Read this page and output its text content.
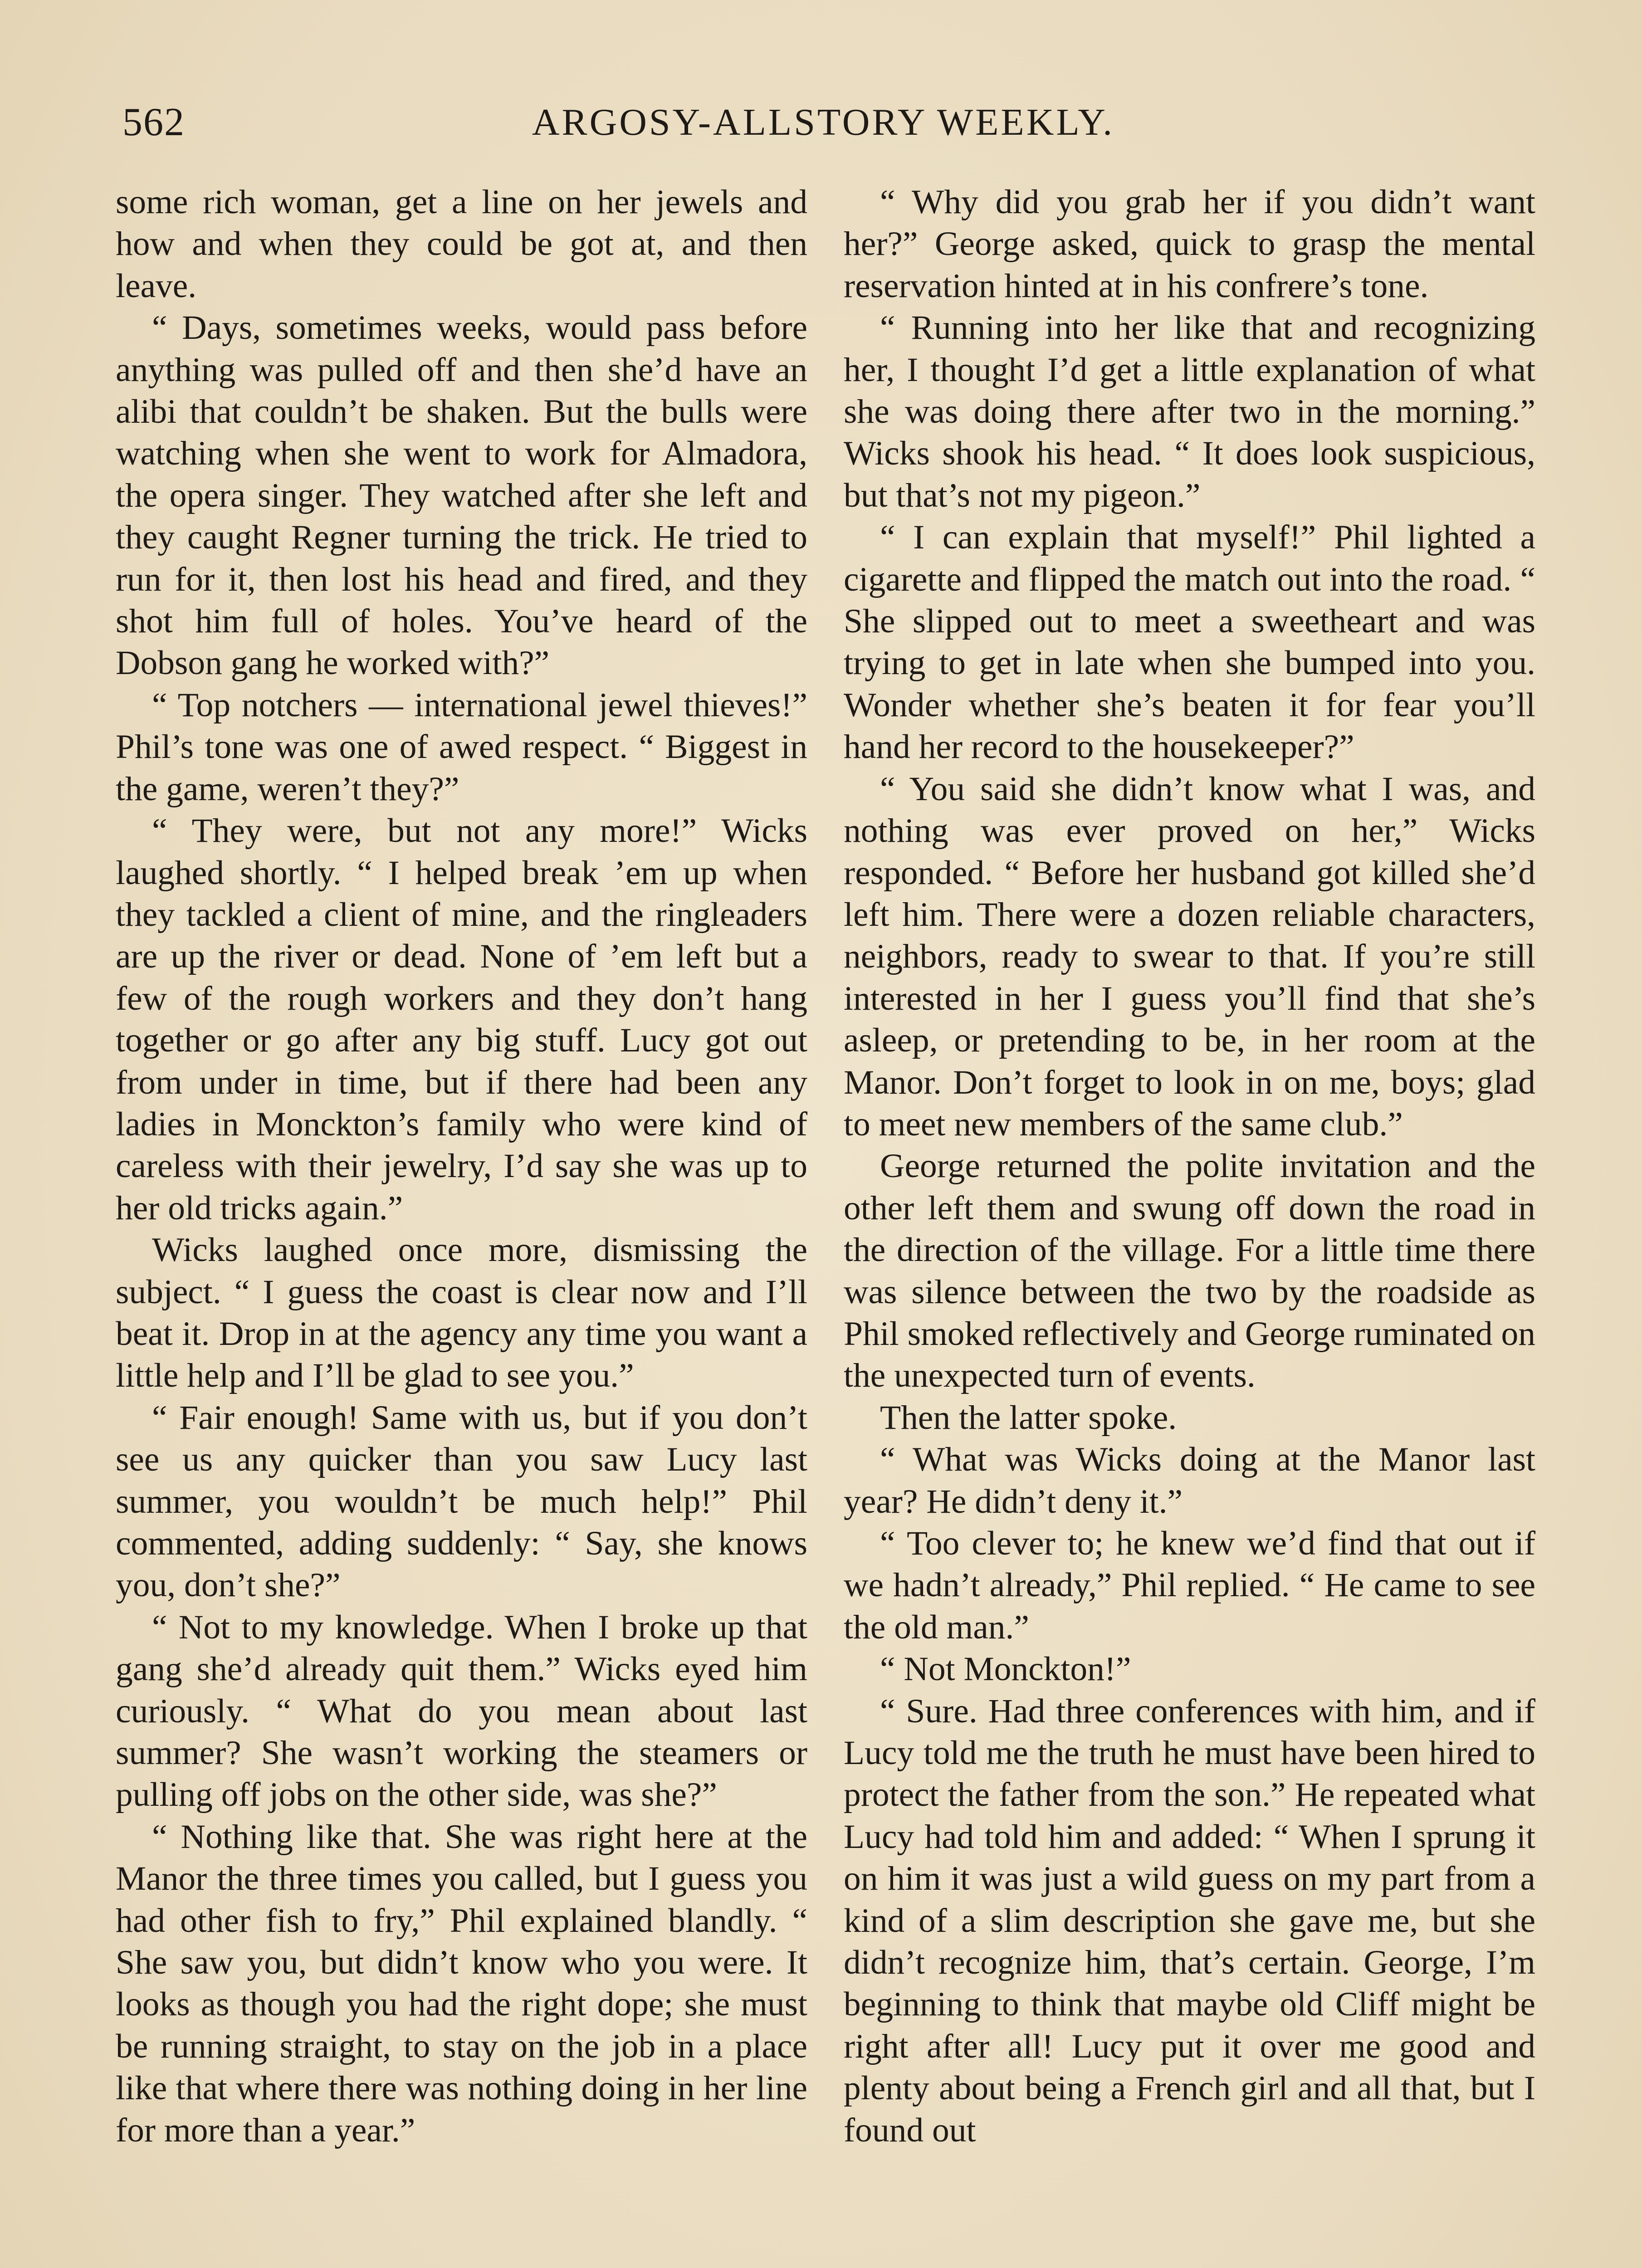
562	ARGOSY-ALLSTORY WEEKLY.

some rich woman, get a line on her jewels and how and when they could be got at, and then leave.

“ Days, sometimes weeks, would pass before anything was pulled off and then she’d have an alibi that couldn’t be shaken. But the bulls were watching when she went to work for Almadora, the opera singer. They watched after she left and they caught Regner turning the trick. He tried to run for it, then lost his head and fired, and they shot him full of holes. You’ve heard of the Dobson gang he worked with?”

“ Top notchers — international jewel thieves!” Phil’s tone was one of awed respect. “ Biggest in the game, weren’t they?”

“ They were, but not any more!” Wicks laughed shortly. “ I helped break ’em up when they tackled a client of mine, and the ringleaders are up the river or dead. None of ’em left but a few of the rough workers and they don’t hang together or go after any big stuff. Lucy got out from under in time, but if there had been any ladies in Monckton’s family who were kind of careless with their jewelry, I’d say she was up to her old tricks again.”

Wicks laughed once more, dismissing the subject. “ I guess the coast is clear now and I’ll beat it. Drop in at the agency any time you want a little help and I’ll be glad to see you.”

“ Fair enough! Same with us, but if you don’t see us any quicker than you saw Lucy last summer, you wouldn’t be much help!” Phil commented, adding suddenly: “ Say, she knows you, don’t she?”

“ Not to my knowledge. When I broke up that gang she’d already quit them.” Wicks eyed him curiously. “ What do you mean about last summer? She wasn’t working the steamers or pulling off jobs on the other side, was she?”

“ Nothing like that. She was right here at the Manor the three times you called, but I guess you had other fish to fry,” Phil explained blandly. “ She saw you, but didn’t know who you were. It looks as though you had the right dope; she must be running straight, to stay on the job in a place like that where there was nothing doing in her line for more than a year.”

“ Why did you grab her if you didn’t want her?” George asked, quick to grasp the mental reservation hinted at in his confrere’s tone.

“ Running into her like that and recognizing her, I thought I’d get a little explanation of what she was doing there after two in the morning.” Wicks shook his head. “ It does look suspicious, but that’s not my pigeon.”

“ I can explain that myself!” Phil lighted a cigarette and flipped the match out into the road. “ She slipped out to meet a sweetheart and was trying to get in late when she bumped into you. Wonder whether she’s beaten it for fear you’ll hand her record to the housekeeper?”

“ You said she didn’t know what I was, and nothing was ever proved on her,” Wicks responded. “ Before her husband got killed she’d left him. There were a dozen reliable characters, neighbors, ready to swear to that. If you’re still interested in her I guess you’ll find that she’s asleep, or pretending to be, in her room at the Manor. Don’t forget to look in on me, boys; glad to meet new members of the same club.”

George returned the polite invitation and the other left them and swung off down the road in the direction of the village. For a little time there was silence between the two by the roadside as Phil smoked reflectively and George ruminated on the unexpected turn of events.

Then the latter spoke.

“ What was Wicks doing at the Manor last year? He didn’t deny it.”

“ Too clever to; he knew we’d find that out if we hadn’t already,” Phil replied. “ He came to see the old man.”

“ Not Monckton!”

“ Sure. Had three conferences with him, and if Lucy told me the truth he must have been hired to protect the father from the son.” He repeated what Lucy had told him and added: “ When I sprung it on him it was just a wild guess on my part from a kind of a slim description she gave me, but she didn’t recognize him, that’s certain. George, I’m beginning to think that maybe old Cliff might be right after all! Lucy put it over me good and plenty about being a French girl and all that, but I found out
